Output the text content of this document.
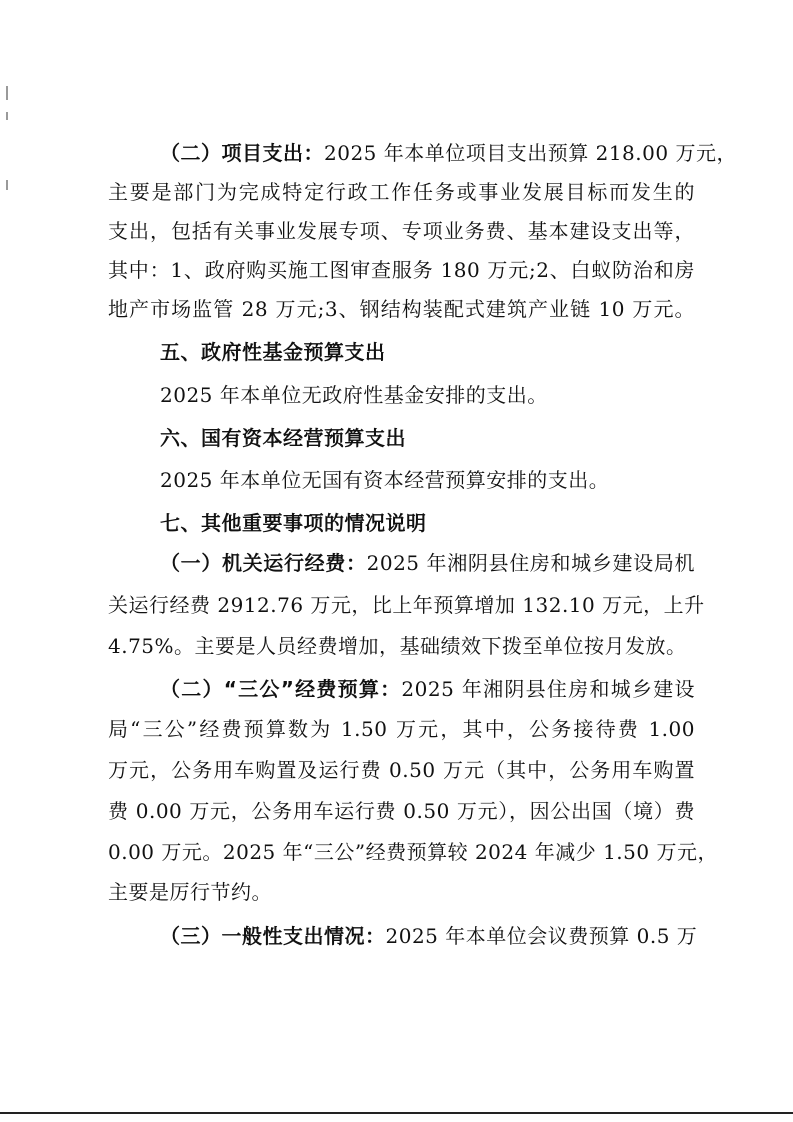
（二）项目支出：2025 年本单位项目支出预算 218.00 万元，
主要是部门为完成特定行政工作任务或事业发展目标而发生的
支出，包括有关事业发展专项、专项业务费、基本建设支出等，
其中：1、政府购买施工图审查服务 180 万元;2、白蚁防治和房
地产市场监管 28 万元;3、钢结构装配式建筑产业链 10 万元。
五、政府性基金预算支出
2025 年本单位无政府性基金安排的支出。
六、国有资本经营预算支出
2025 年本单位无国有资本经营预算安排的支出。
七、其他重要事项的情况说明
（一）机关运行经费：2025 年湘阴县住房和城乡建设局机
关运行经费 2912.76 万元，比上年预算增加 132.10 万元，上升
4.75%。主要是人员经费增加，基础绩效下拨至单位按月发放。
（二）“三公”经费预算：2025 年湘阴县住房和城乡建设
局“三公”经费预算数为 1.50 万元，其中，公务接待费 1.00
万元，公务用车购置及运行费 0.50 万元（其中，公务用车购置
费 0.00 万元，公务用车运行费 0.50 万元），因公出国（境）费
0.00 万元。2025 年“三公”经费预算较 2024 年减少 1.50 万元，
主要是厉行节约。
（三）一般性支出情况：2025 年本单位会议费预算 0.5 万
